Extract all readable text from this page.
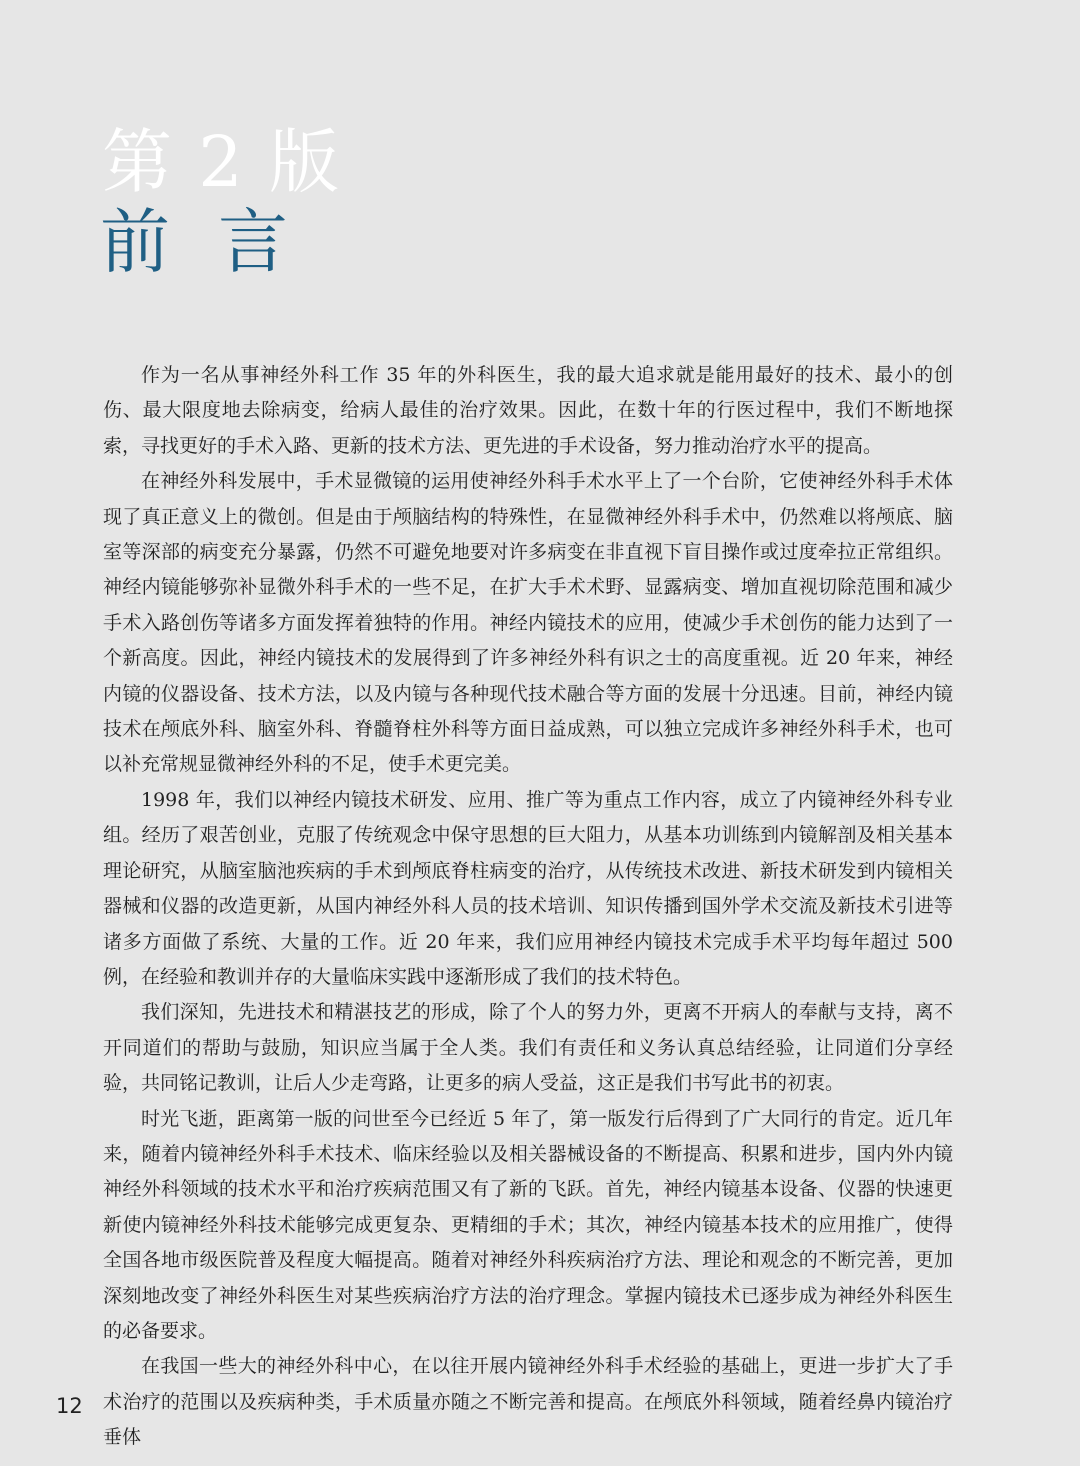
第 2 版
前言

作为一名从事神经外科工作 35 年的外科医生，我的最大追求就是能用最好的技术、最小的创伤、最大限度地去除病变，给病人最佳的治疗效果。因此，在数十年的行医过程中，我们不断地探索，寻找更好的手术入路、更新的技术方法、更先进的手术设备，努力推动治疗水平的提高。

在神经外科发展中，手术显微镜的运用使神经外科手术水平上了一个台阶，它使神经外科手术体现了真正意义上的微创。但是由于颅脑结构的特殊性，在显微神经外科手术中，仍然难以将颅底、脑室等深部的病变充分暴露，仍然不可避免地要对许多病变在非直视下盲目操作或过度牵拉正常组织。神经内镜能够弥补显微外科手术的一些不足，在扩大手术术野、显露病变、增加直视切除范围和减少手术入路创伤等诸多方面发挥着独特的作用。神经内镜技术的应用，使减少手术创伤的能力达到了一个新高度。因此，神经内镜技术的发展得到了许多神经外科有识之士的高度重视。近 20 年来，神经内镜的仪器设备、技术方法，以及内镜与各种现代技术融合等方面的发展十分迅速。目前，神经内镜技术在颅底外科、脑室外科、脊髓脊柱外科等方面日益成熟，可以独立完成许多神经外科手术，也可以补充常规显微神经外科的不足，使手术更完美。

1998 年，我们以神经内镜技术研发、应用、推广等为重点工作内容，成立了内镜神经外科专业组。经历了艰苦创业，克服了传统观念中保守思想的巨大阻力，从基本功训练到内镜解剖及相关基本理论研究，从脑室脑池疾病的手术到颅底脊柱病变的治疗，从传统技术改进、新技术研发到内镜相关器械和仪器的改造更新，从国内神经外科人员的技术培训、知识传播到国外学术交流及新技术引进等诸多方面做了系统、大量的工作。近 20 年来，我们应用神经内镜技术完成手术平均每年超过 500 例，在经验和教训并存的大量临床实践中逐渐形成了我们的技术特色。

我们深知，先进技术和精湛技艺的形成，除了个人的努力外，更离不开病人的奉献与支持，离不开同道们的帮助与鼓励，知识应当属于全人类。我们有责任和义务认真总结经验，让同道们分享经验，共同铭记教训，让后人少走弯路，让更多的病人受益，这正是我们书写此书的初衷。

时光飞逝，距离第一版的问世至今已经近 5 年了，第一版发行后得到了广大同行的肯定。近几年来，随着内镜神经外科手术技术、临床经验以及相关器械设备的不断提高、积累和进步，国内外内镜神经外科领域的技术水平和治疗疾病范围又有了新的飞跃。首先，神经内镜基本设备、仪器的快速更新使内镜神经外科技术能够完成更复杂、更精细的手术；其次，神经内镜基本技术的应用推广，使得全国各地市级医院普及程度大幅提高。随着对神经外科疾病治疗方法、理论和观念的不断完善，更加深刻地改变了神经外科医生对某些疾病治疗方法的治疗理念。掌握内镜技术已逐步成为神经外科医生的必备要求。

在我国一些大的神经外科中心，在以往开展内镜神经外科手术经验的基础上，更进一步扩大了手术治疗的范围以及疾病种类，手术质量亦随之不断完善和提高。在颅底外科领域，随着经鼻内镜治疗垂体

12
